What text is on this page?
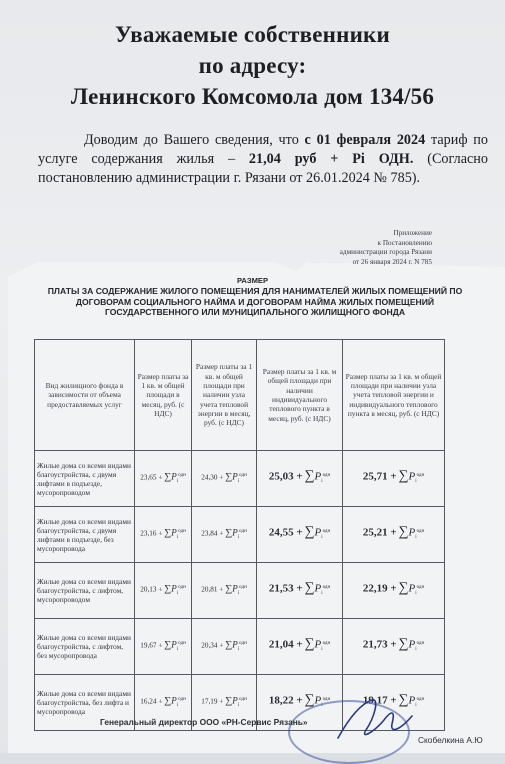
Уважаемые собственники
по адресу:
Ленинского Комсомола дом 134/56
Доводим до Вашего сведения, что с 01 февраля 2024 тариф по услуге содержания жилья – 21,04 руб + Pi ОДН. (Согласно постановлению администрации г. Рязани от 26.01.2024 № 785).
Приложение
к Постановлению
администрации города Рязани
от 26 января 2024 г. N 785
РАЗМЕР
ПЛАТЫ ЗА СОДЕРЖАНИЕ ЖИЛОГО ПОМЕЩЕНИЯ ДЛЯ НАНИМАТЕЛЕЙ ЖИЛЫХ ПОМЕЩЕНИЙ ПО ДОГОВОРАМ СОЦИАЛЬНОГО НАЙМА И ДОГОВОРАМ НАЙМА ЖИЛЫХ ПОМЕЩЕНИЙ ГОСУДАРСТВЕННОГО ИЛИ МУНИЦИПАЛЬНОГО ЖИЛИЩНОГО ФОНДА
Вид жилищного фонда в зависимости от объема предоставляемых услуг	Размер платы за 1 кв. м общей площади в месяц, руб. (с НДС)	Размер платы за 1 кв. м общей площади при наличии узла учета тепловой энергии в месяц, руб. (с НДС)	Размер платы за 1 кв. м общей площади при наличии индивидуального теплового пункта в месяц, руб. (с НДС)	Размер платы за 1 кв. м общей площади при наличии узла учета тепловой энергии и индивидуального теплового пункта в месяц, руб. (с НДС)
Жилые дома со всеми видами благоустройства, с двумя лифтами в подъезде, мусоропроводом	$23,65 + \sum P_i^{одн}$	$24,30 + \sum P_i^{одн}$	$25,03 + \sum P_i^{одн}$	$25,71 + \sum P_i^{одн}$
Жилые дома со всеми видами благоустройства, с двумя лифтами в подъезде, без мусоропровода	$23,16 + \sum P_i^{одн}$	$23,84 + \sum P_i^{одн}$	$24,55 + \sum P_i^{одн}$	$25,21 + \sum P_i^{одн}$
Жилые дома со всеми видами благоустройства, с лифтом, мусоропроводом	$20,13 + \sum P_i^{одн}$	$20,81 + \sum P_i^{одн}$	$21,53 + \sum P_i^{одн}$	$22,19 + \sum P_i^{одн}$
Жилые дома со всеми видами благоустройства, с лифтом, без мусоропровода	$19,67 + \sum P_i^{одн}$	$20,34 + \sum P_i^{одн}$	$21,04 + \sum P_i^{одн}$	$21,73 + \sum P_i^{одн}$
Жилые дома со всеми видами благоустройства, без лифта и мусоропровода	$16,24 + \sum P_i^{одн}$	$17,19 + \sum P_i^{одн}$	$18,22 + \sum P_i^{одн}$	$19,17 + \sum P_i^{одн}$
Генеральный директор ООО «РН-Сервис Рязань»
Скобелкина А.Ю
